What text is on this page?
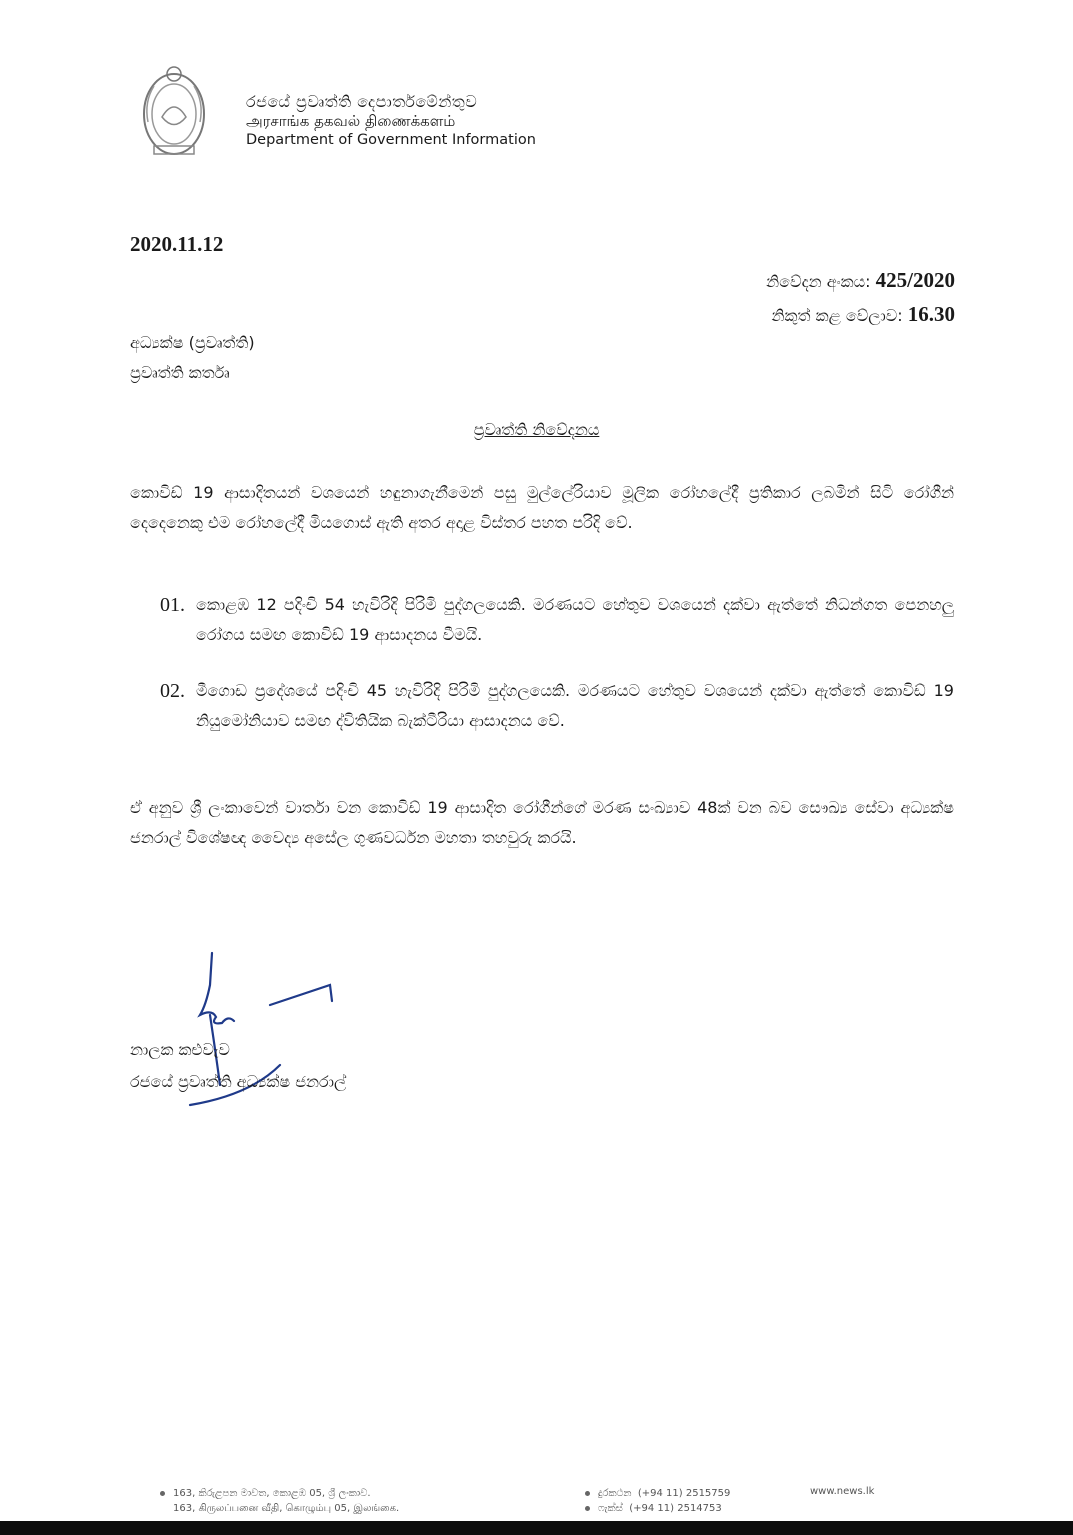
රජයේ ප්‍රවෘත්ති දෙපාර්තමේන්තුව
அரசாங்க தகவல் திணைக்களம்
Department of Government Information
2020.11.12
නිවේදන අංකය: 425/2020
නිකුත් කළ වේලාව: 16.30
අධ්‍යක්ෂ (ප්‍රවෘත්ති)
ප්‍රවෘත්ති කර්තෘ
ප්‍රවෘත්ති නිවේදනය
කොවිඩ් 19 ආසාදිතයන් වශයෙන් හඳුනාගැනීමෙන් පසු මුල්ලේරියාව මූලික රෝහලේදී ප්‍රතිකාර ලබමින් සිටි රෝගීන් දෙදෙනෙකු එම රෝහලේදී මියගොස් ඇති අතර අදාළ විස්තර පහත පරිදි වේ.
01. කොළඹ 12 පදිංචි 54 හැවිරිදි පිරිමි පුද්ගලයෙකි. මරණයට හේතුව වශයෙන් දක්වා ඇත්තේ නිධන්ගත පෙනහලු රෝගය සමඟ කොවිඩ් 19 ආසාදනය වීමයි.
02. මීගොඩ ප්‍රදේශයේ පදිංචි 45 හැවිරිදි පිරිමි පුද්ගලයෙකි. මරණයට හේතුව වශයෙන් දක්වා ඇත්තේ කොවිඩ් 19 නියුමෝනියාව සමඟ ද්විතියික බැක්ටීරියා ආසාදනය වේ.
ඒ අනුව ශ්‍රී ලංකාවෙන් වාර්තා වන කොවිඩ් 19 ආසාදිත රෝගීන්ගේ මරණ සංඛ්‍යාව 48ක් වන බව සෞඛ්‍ය සේවා අධ්‍යක්ෂ ජනරාල් විශේෂඥ වෛද්‍ය අසේල ගුණවර්ධන මහතා තහවුරු කරයි.
නාලක කළුවැව
රජයේ ප්‍රවෘත්ති අධ්‍යක්ෂ ජනරාල්
163, කිරුළපන මාවත, කොළඹ 05, ශ්‍රී ලංකාව.
163, கிருலப்பனை வீதி, கொழும்பு 05, இலங்கை.
දුරකථන (+94 11) 2515759
ෆැක්ස් (+94 11) 2514753
www.news.lk
